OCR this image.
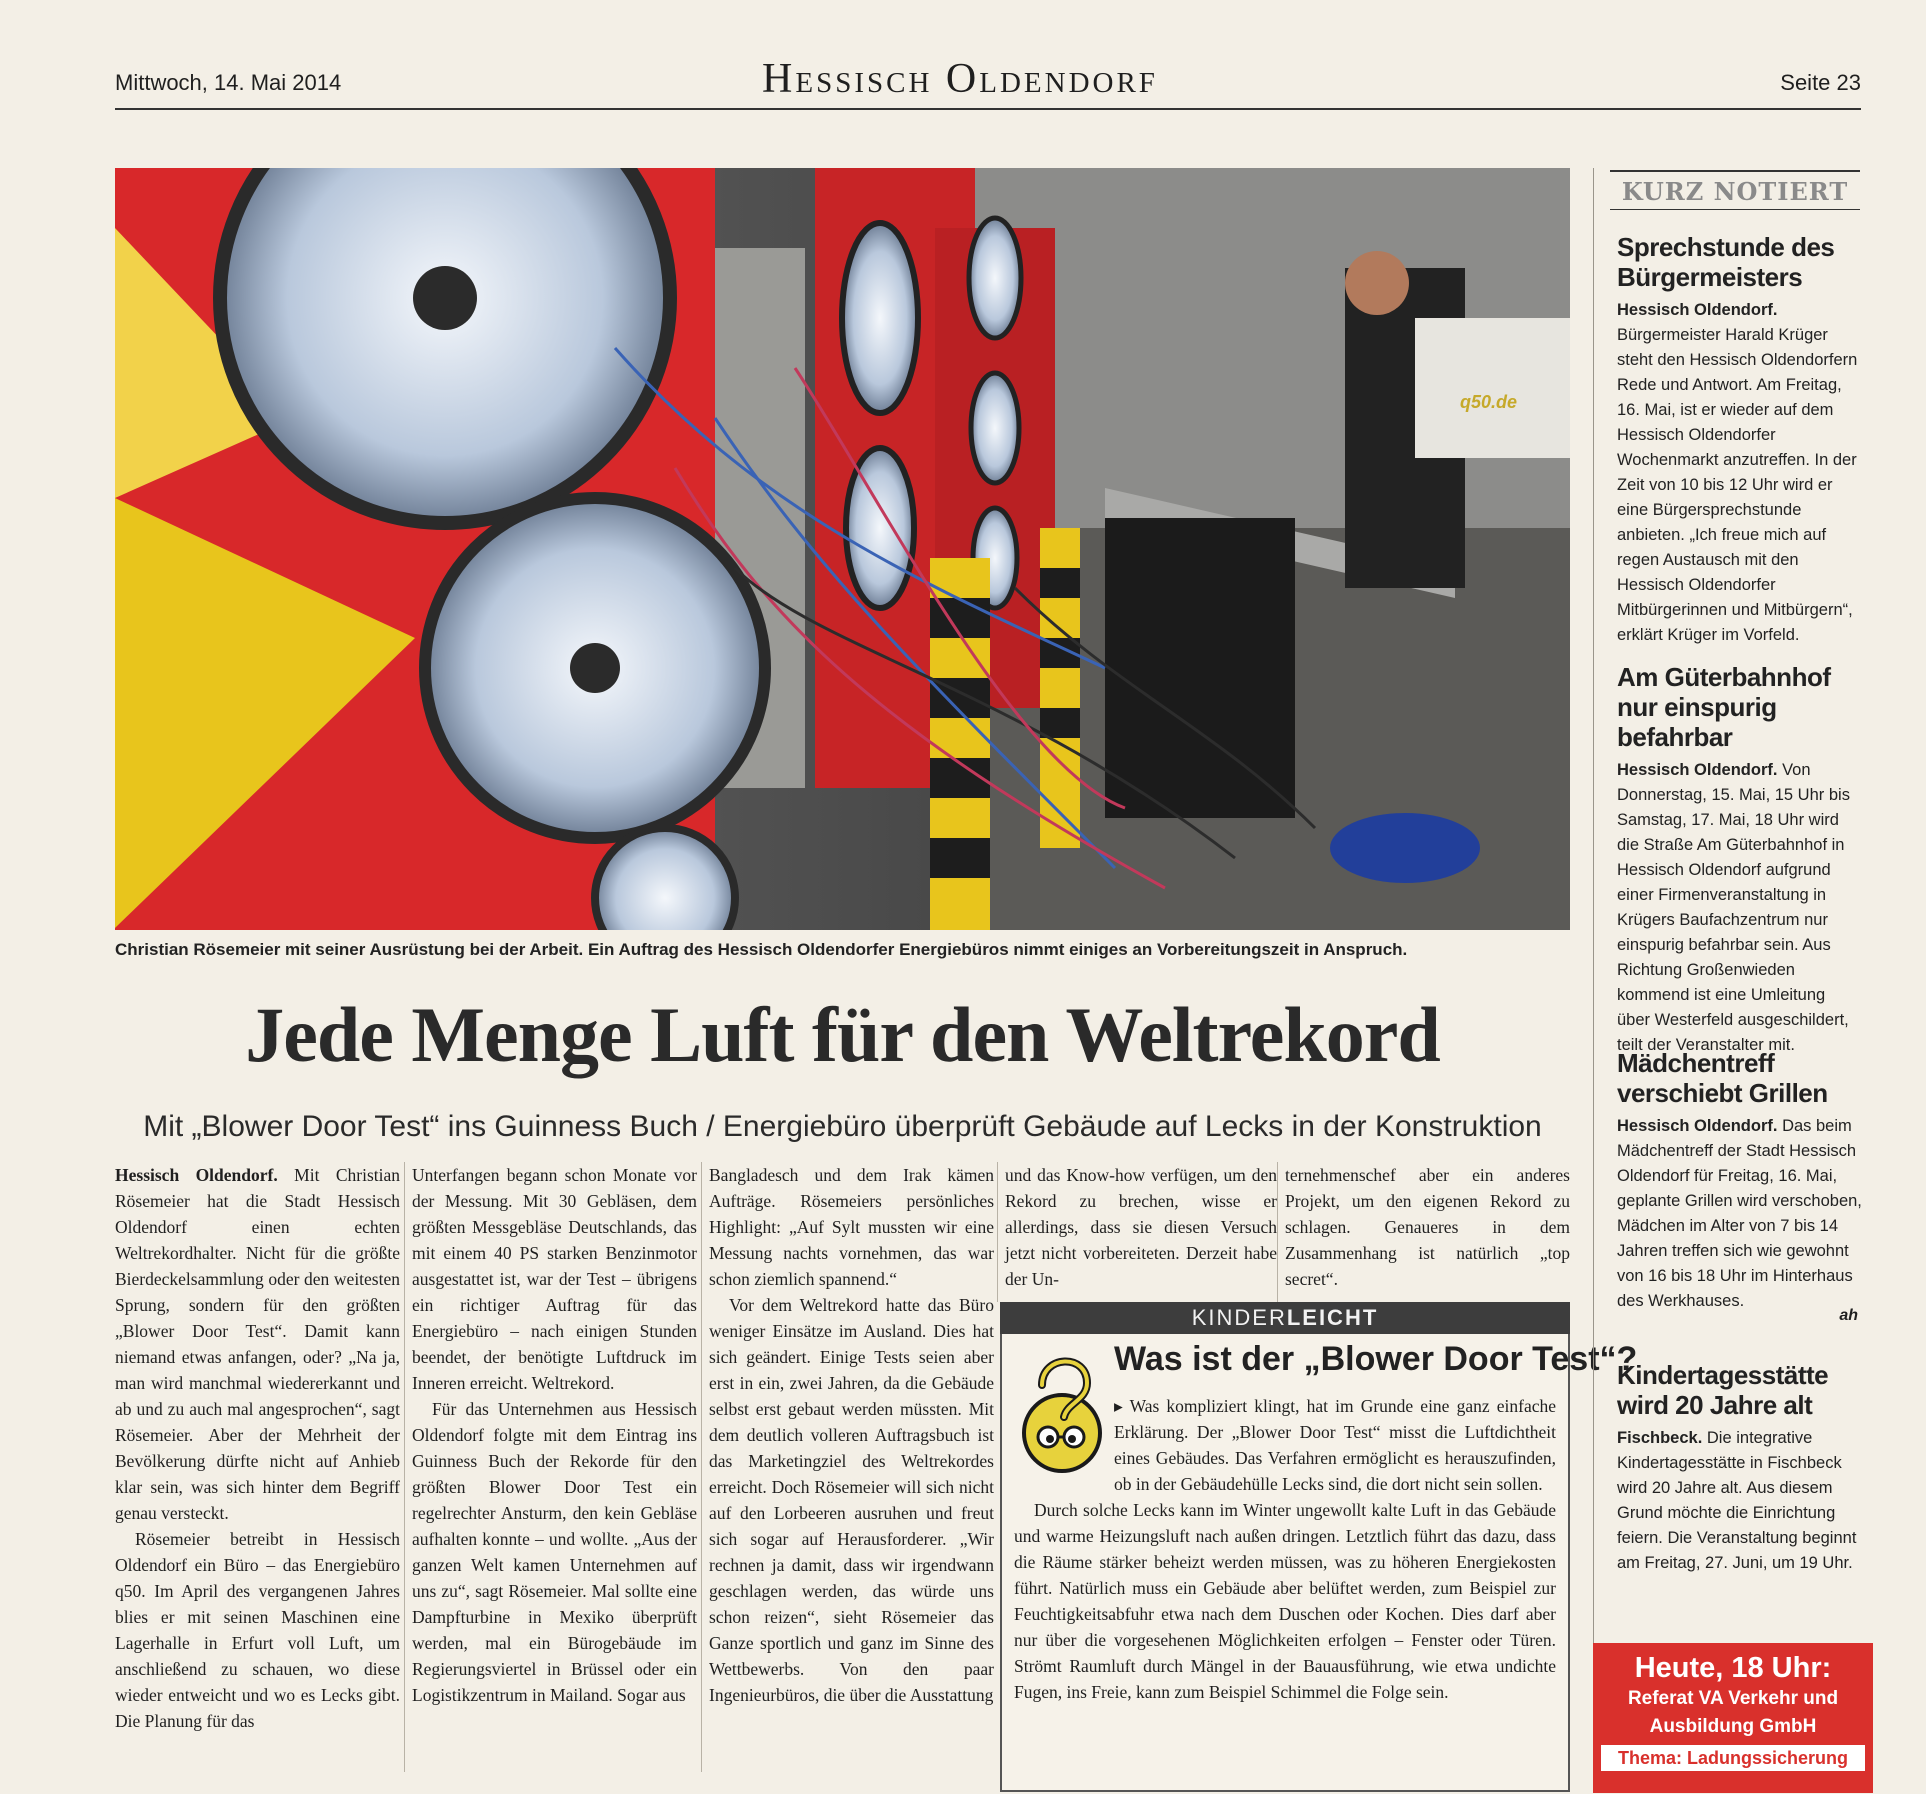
Mittwoch, 14. Mai 2014	Hessisch Oldendorf	Seite 23
q50.de
Christian Rösemeier mit seiner Ausrüstung bei der Arbeit. Ein Auftrag des Hessisch Oldendorfer Energiebüros nimmt einiges an Vorbereitungszeit in Anspruch.
Jede Menge Luft für den Weltrekord
Mit „Blower Door Test“ ins Guinness Buch / Energiebüro überprüft Gebäude auf Lecks in der Konstruktion

Hessisch Oldendorf. Mit Christian Rösemeier hat die Stadt Hessisch Oldendorf einen echten Weltrekordhalter. Nicht für die größte Bierdeckelsammlung oder den weitesten Sprung, sondern für den größten „Blower Door Test“. Damit kann niemand etwas anfangen, oder? „Na ja, man wird manchmal wiedererkannt und ab und zu auch mal angesprochen“, sagt Rösemeier. Aber der Mehrheit der Bevölkerung dürfte nicht auf Anhieb klar sein, was sich hinter dem Begriff genau versteckt.

Rösemeier betreibt in Hessisch Oldendorf ein Büro – das Energiebüro q50. Im April des vergangenen Jahres blies er mit seinen Maschinen eine Lagerhalle in Erfurt voll Luft, um anschließend zu schauen, wo diese wieder entweicht und wo es Lecks gibt. Die Planung für das

Unterfangen begann schon Monate vor der Messung. Mit 30 Gebläsen, dem größten Messgebläse Deutschlands, das mit einem 40 PS starken Benzinmotor ausgestattet ist, war der Test – übrigens ein richtiger Auftrag für das Energiebüro – nach einigen Stunden beendet, der benötigte Luftdruck im Inneren erreicht. Weltrekord.

Für das Unternehmen aus Hessisch Oldendorf folgte mit dem Eintrag ins Guinness Buch der Rekorde für den größten Blower Door Test ein regelrechter Ansturm, den kein Gebläse aufhalten konnte – und wollte. „Aus der ganzen Welt kamen Unternehmen auf uns zu“, sagt Rösemeier. Mal sollte eine Dampfturbine in Mexiko überprüft werden, mal ein Bürogebäude im Regierungsviertel in Brüssel oder ein Logistikzentrum in Mailand. Sogar aus

Bangladesch und dem Irak kämen Aufträge. Rösemeiers persönliches Highlight: „Auf Sylt mussten wir eine Messung nachts vornehmen, das war schon ziemlich spannend.“

Vor dem Weltrekord hatte das Büro weniger Einsätze im Ausland. Dies hat sich geändert. Einige Tests seien aber erst in ein, zwei Jahren, da die Gebäude selbst erst gebaut werden müssten. Mit dem deutlich volleren Auftragsbuch ist das Marketingziel des Weltrekordes erreicht. Doch Rösemeier will sich nicht auf den Lorbeeren ausruhen und freut sich sogar auf Herausforderer. „Wir rechnen ja damit, dass wir irgendwann geschlagen werden, das würde uns schon reizen“, sieht Rösemeier das Ganze sportlich und ganz im Sinne des Wettbewerbs. Von den paar Ingenieurbüros, die über die Ausstattung

und das Know-how verfügen, um den Rekord zu brechen, wisse er allerdings, dass sie diesen Versuch jetzt nicht vorbereiteten. Derzeit habe der Un-

ternehmenschef aber ein anderes Projekt, um den eigenen Rekord zu schlagen. Genaueres in dem Zusammenhang ist natürlich „top secret“.

KINDERLEICHT
Was ist der „Blower Door Test“?

▸ Was kompliziert klingt, hat im Grunde eine ganz einfache Erklärung. Der „Blower Door Test“ misst die Luftdichtheit eines Gebäudes. Das Verfahren ermöglicht es herauszufinden, ob in der Gebäudehülle Lecks sind, die dort nicht sein sollen.

Durch solche Lecks kann im Winter ungewollt kalte Luft in das Gebäude und warme Heizungsluft nach außen dringen. Letztlich führt das dazu, dass die Räume stärker beheizt werden müssen, was zu höheren Energiekosten führt. Natürlich muss ein Gebäude aber belüftet werden, zum Beispiel zur Feuchtigkeitsabfuhr etwa nach dem Duschen oder Kochen. Dies darf aber nur über die vorgesehenen Möglichkeiten erfolgen – Fenster oder Türen. Strömt Raumluft durch Mängel in der Bauausführung, wie etwa undichte Fugen, ins Freie, kann zum Beispiel Schimmel die Folge sein.

KURZ NOTIERT
Sprechstunde des Bürgermeisters

Hessisch Oldendorf. Bürgermeister Harald Krüger steht den Hessisch Oldendorfern Rede und Antwort. Am Freitag, 16. Mai, ist er wieder auf dem Hessisch Oldendorfer Wochenmarkt anzutreffen. In der Zeit von 10 bis 12 Uhr wird er eine Bürgersprechstunde anbieten. „Ich freue mich auf regen Austausch mit den Hessisch Oldendorfer Mitbürgerinnen und Mitbürgern“, erklärt Krüger im Vorfeld.

Am Güterbahnhof nur einspurig befahrbar

Hessisch Oldendorf. Von Donnerstag, 15. Mai, 15 Uhr bis Samstag, 17. Mai, 18 Uhr wird die Straße Am Güterbahnhof in Hessisch Oldendorf aufgrund einer Firmenveranstaltung in Krügers Baufachzentrum nur einspurig befahrbar sein. Aus Richtung Großenwieden kommend ist eine Umleitung über Westerfeld ausgeschildert, teilt der Veranstalter mit.

Mädchentreff verschiebt Grillen

Hessisch Oldendorf. Das beim Mädchentreff der Stadt Hessisch Oldendorf für Freitag, 16. Mai, geplante Grillen wird verschoben, Mädchen im Alter von 7 bis 14 Jahren treffen sich wie gewohnt von 16 bis 18 Uhr im Hinterhaus des Werkhauses.

ah
Kindertagesstätte wird 20 Jahre alt

Fischbeck. Die integrative Kindertagesstätte in Fischbeck wird 20 Jahre alt. Aus diesem Grund möchte die Einrichtung feiern. Die Veranstaltung beginnt am Freitag, 27. Juni, um 19 Uhr.

Heute, 18 Uhr:
Referat VA Verkehr und
Ausbildung GmbH
Thema: Ladungssicherung
